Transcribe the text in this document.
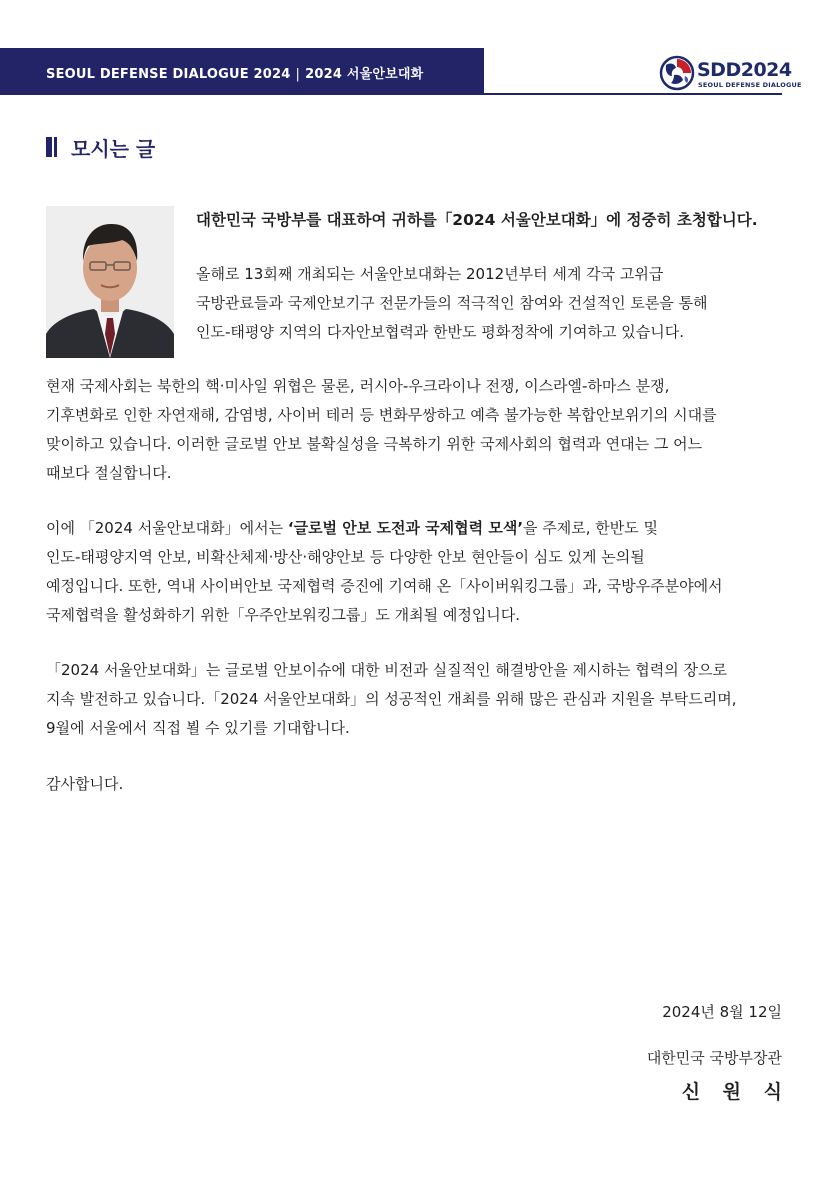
SEOUL DEFENSE DIALOGUE 2024 | 2024 서울안보대화	SDD2024
SEOUL DEFENSE DIALOGUE
모시는 글

대한민국 국방부를 대표하여 귀하를「2024 서울안보대화」에 정중히 초청합니다.

올해로 13회째 개최되는 서울안보대화는 2012년부터 세계 각국 고위급
국방관료들과 국제안보기구 전문가들의 적극적인 참여와 건설적인 토론을 통해
인도-태평양 지역의 다자안보협력과 한반도 평화정착에 기여하고 있습니다.

현재 국제사회는 북한의 핵·미사일 위협은 물론, 러시아-우크라이나 전쟁, 이스라엘-하마스 분쟁,
기후변화로 인한 자연재해, 감염병, 사이버 테러 등 변화무쌍하고 예측 불가능한 복합안보위기의 시대를
맞이하고 있습니다. 이러한 글로벌 안보 불확실성을 극복하기 위한 국제사회의 협력과 연대는 그 어느
때보다 절실합니다.

이에 「2024 서울안보대화」에서는 ‘글로벌 안보 도전과 국제협력 모색’을 주제로, 한반도 및
인도-태평양지역 안보, 비확산체제·방산·해양안보 등 다양한 안보 현안들이 심도 있게 논의될
예정입니다. 또한, 역내 사이버안보 국제협력 증진에 기여해 온「사이버워킹그룹」과, 국방우주분야에서
국제협력을 활성화하기 위한「우주안보워킹그룹」도 개최될 예정입니다.

「2024 서울안보대화」는 글로벌 안보이슈에 대한 비전과 실질적인 해결방안을 제시하는 협력의 장으로
지속 발전하고 있습니다.「2024 서울안보대화」의 성공적인 개최를 위해 많은 관심과 지원을 부탁드리며,
9월에 서울에서 직접 뵐 수 있기를 기대합니다.

감사합니다.

2024년 8월 12일
대한민국 국방부장관
신 원 식
